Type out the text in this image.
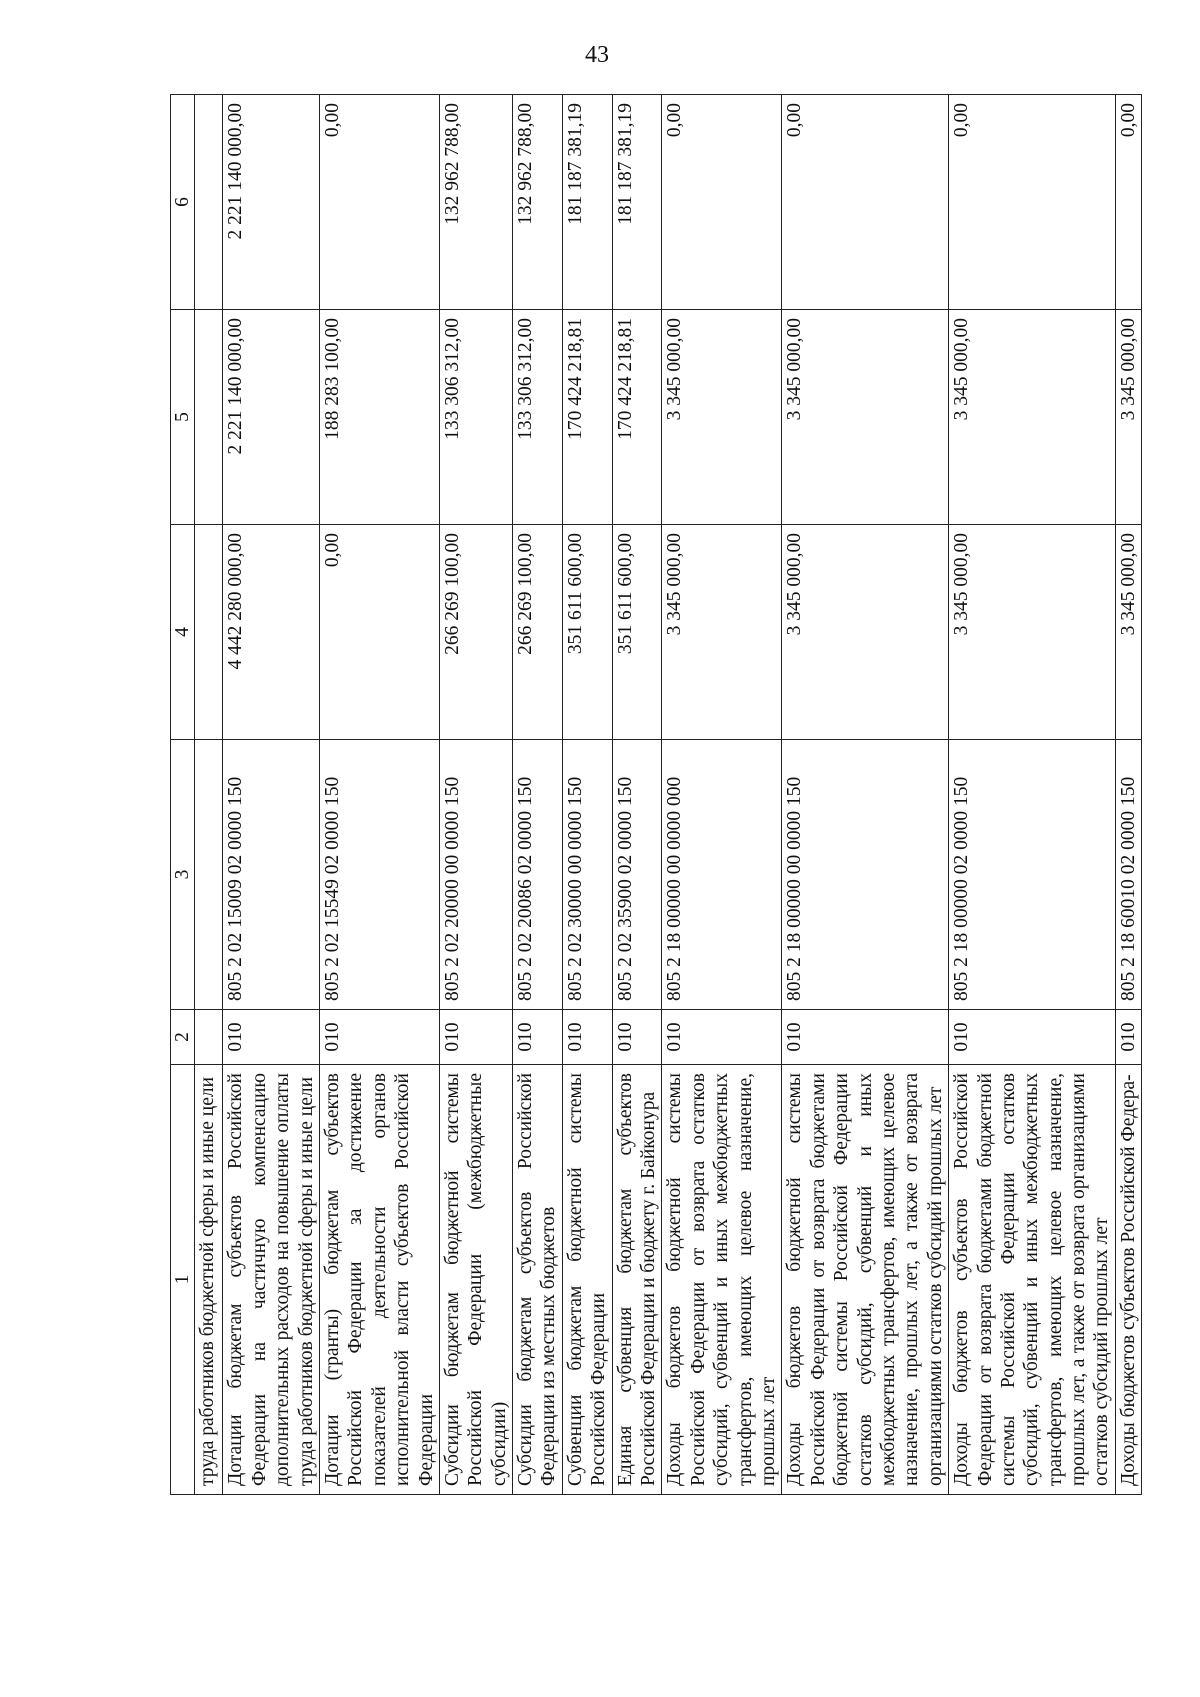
43
1	2	3	4	5	6
труда работников бюджетной сферы и иные цели					
Дотации бюджетам субъектов Российской Федерации на частичную компенсацию дополнительных расходов на повышение оплаты труда работников бюджетной сферы и иные цели	010	805 2 02 15009 02 0000 150	4 442 280 000,00	2 221 140 000,00	2 221 140 000,00
Дотации (гранты) бюджетам субъектов Российской Федерации за достижение показателей деятельности органов исполнительной власти субъектов Российской Федерации	010	805 2 02 15549 02 0000 150	0,00	188 283 100,00	0,00
Субсидии бюджетам бюджетной системы Российской Федерации (межбюджетные субсидии)	010	805 2 02 20000 00 0000 150	266 269 100,00	133 306 312,00	132 962 788,00
Субсидии бюджетам субъектов Российской Федерации из местных бюджетов	010	805 2 02 20086 02 0000 150	266 269 100,00	133 306 312,00	132 962 788,00
Субвенции бюджетам бюджетной системы Российской Федерации	010	805 2 02 30000 00 0000 150	351 611 600,00	170 424 218,81	181 187 381,19
Единая субвенция бюджетам субъектов Российской Федерации и бюджету г. Байконура	010	805 2 02 35900 02 0000 150	351 611 600,00	170 424 218,81	181 187 381,19
Доходы бюджетов бюджетной системы Российской Федерации от возврата остатков субсидий, субвенций и иных межбюджетных трансфертов, имеющих целевое назначение, прошлых лет	010	805 2 18 00000 00 0000 000	3 345 000,00	3 345 000,00	0,00
Доходы бюджетов бюджетной системы Российской Федерации от возврата бюджетами бюджетной системы Российской Федерации остатков субсидий, субвенций и иных межбюджетных трансфертов, имеющих целевое назначение, прошлых лет, а также от возврата организациями остатков субсидий прошлых лет	010	805 2 18 00000 00 0000 150	3 345 000,00	3 345 000,00	0,00
Доходы бюджетов субъектов Российской Федерации от возврата бюджетами бюджетной системы Российской Федерации остатков субсидий, субвенций и иных межбюджетных трансфертов, имеющих целевое назначение, прошлых лет, а также от возврата организациями остатков субсидий прошлых лет	010	805 2 18 00000 02 0000 150	3 345 000,00	3 345 000,00	0,00
Доходы бюджетов субъектов Российской Федера-	010	805 2 18 60010 02 0000 150	3 345 000,00	3 345 000,00	0,00
